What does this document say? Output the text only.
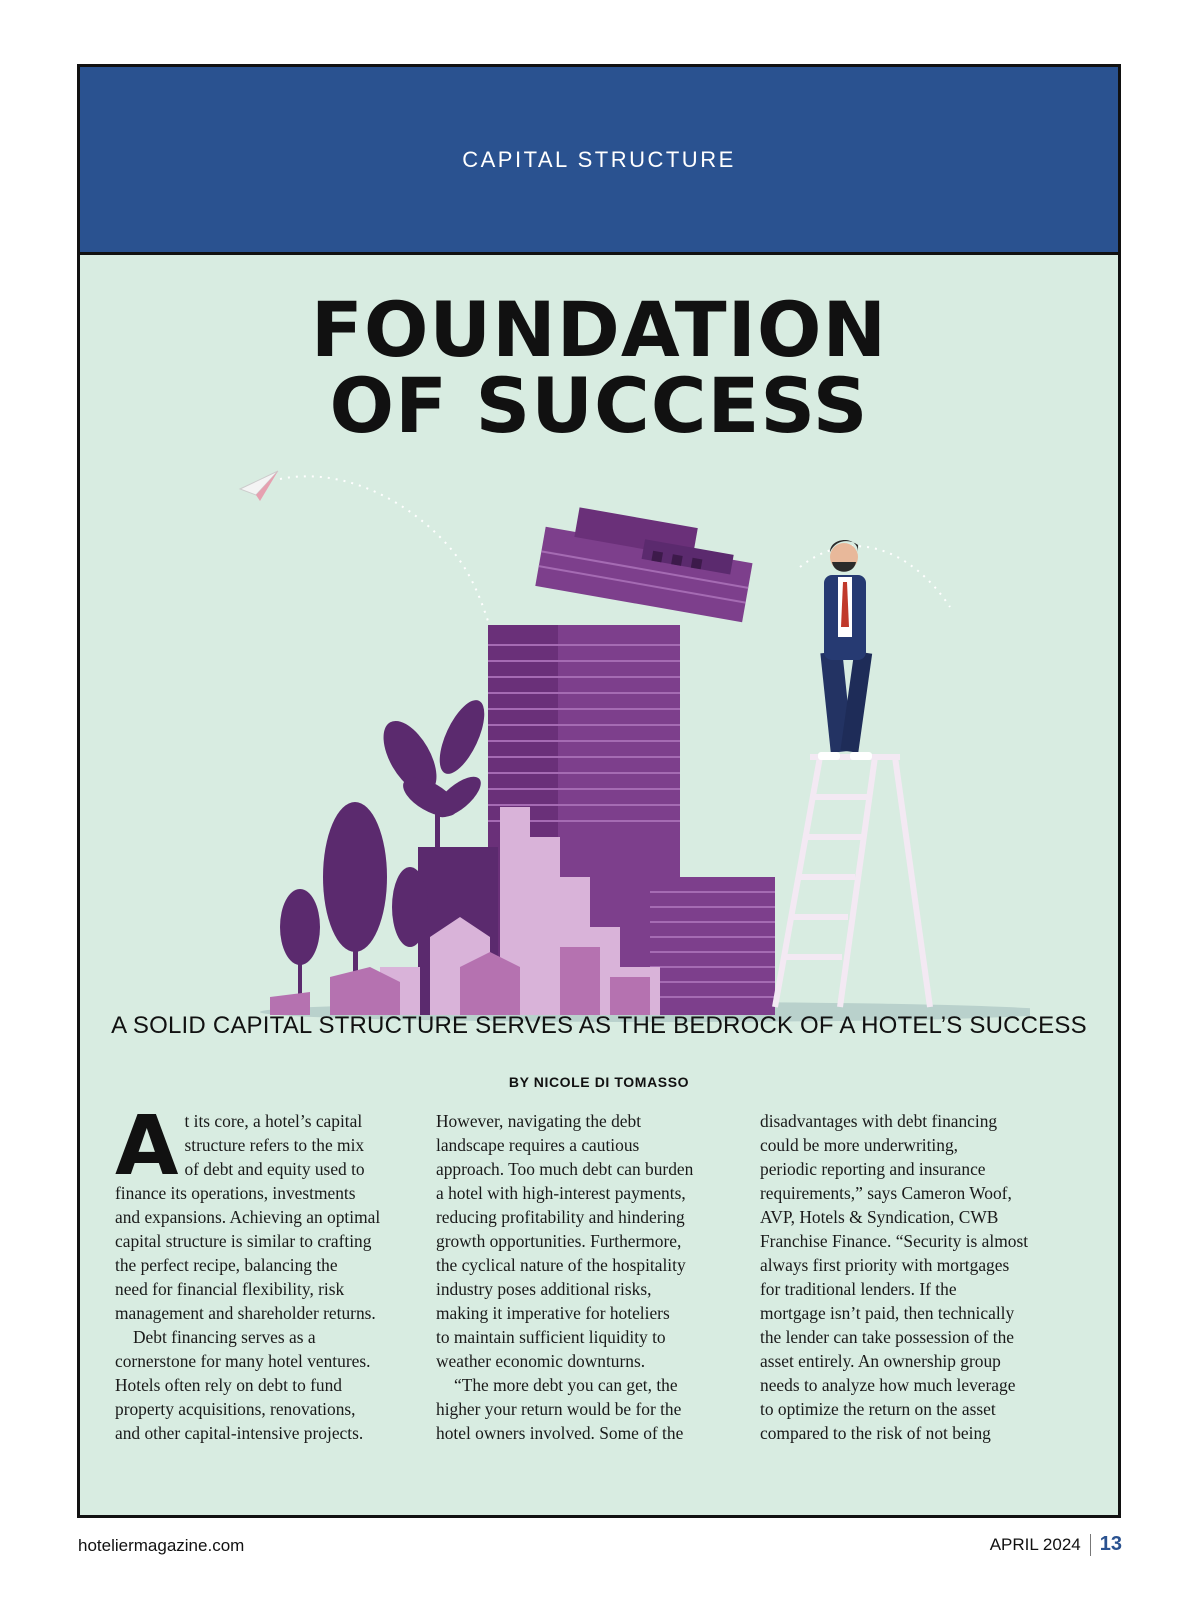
CAPITAL STRUCTURE
FOUNDATION
OF SUCCESS
A SOLID CAPITAL STRUCTURE SERVES AS THE BEDROCK OF A HOTEL’S SUCCESS
BY NICOLE DI TOMASSO
A t its core, a hotel’s capital

structure refers to the mix

of debt and equity used to

finance its operations, investments

and expansions. Achieving an optimal

capital structure is similar to crafting

the perfect recipe, balancing the

need for financial flexibility, risk

management and shareholder returns.

Debt financing serves as a

cornerstone for many hotel ventures.

Hotels often rely on debt to fund

property acquisitions, renovations,

and other capital-intensive projects.

However, navigating the debt

landscape requires a cautious

approach. Too much debt can burden

a hotel with high-interest payments,

reducing profitability and hindering

growth opportunities. Furthermore,

the cyclical nature of the hospitality

industry poses additional risks,

making it imperative for hoteliers

to maintain sufficient liquidity to

weather economic downturns.

“The more debt you can get, the

higher your return would be for the

hotel owners involved. Some of the

disadvantages with debt financing

could be more underwriting,

periodic reporting and insurance

requirements,” says Cameron Woof,

AVP, Hotels & Syndication, CWB

Franchise Finance. “Security is almost

always first priority with mortgages

for traditional lenders. If the

mortgage isn’t paid, then technically

the lender can take possession of the

asset entirely. An ownership group

needs to analyze how much leverage

to optimize the return on the asset

compared to the risk of not being

hoteliermagazine.com	APRIL 2024 13
